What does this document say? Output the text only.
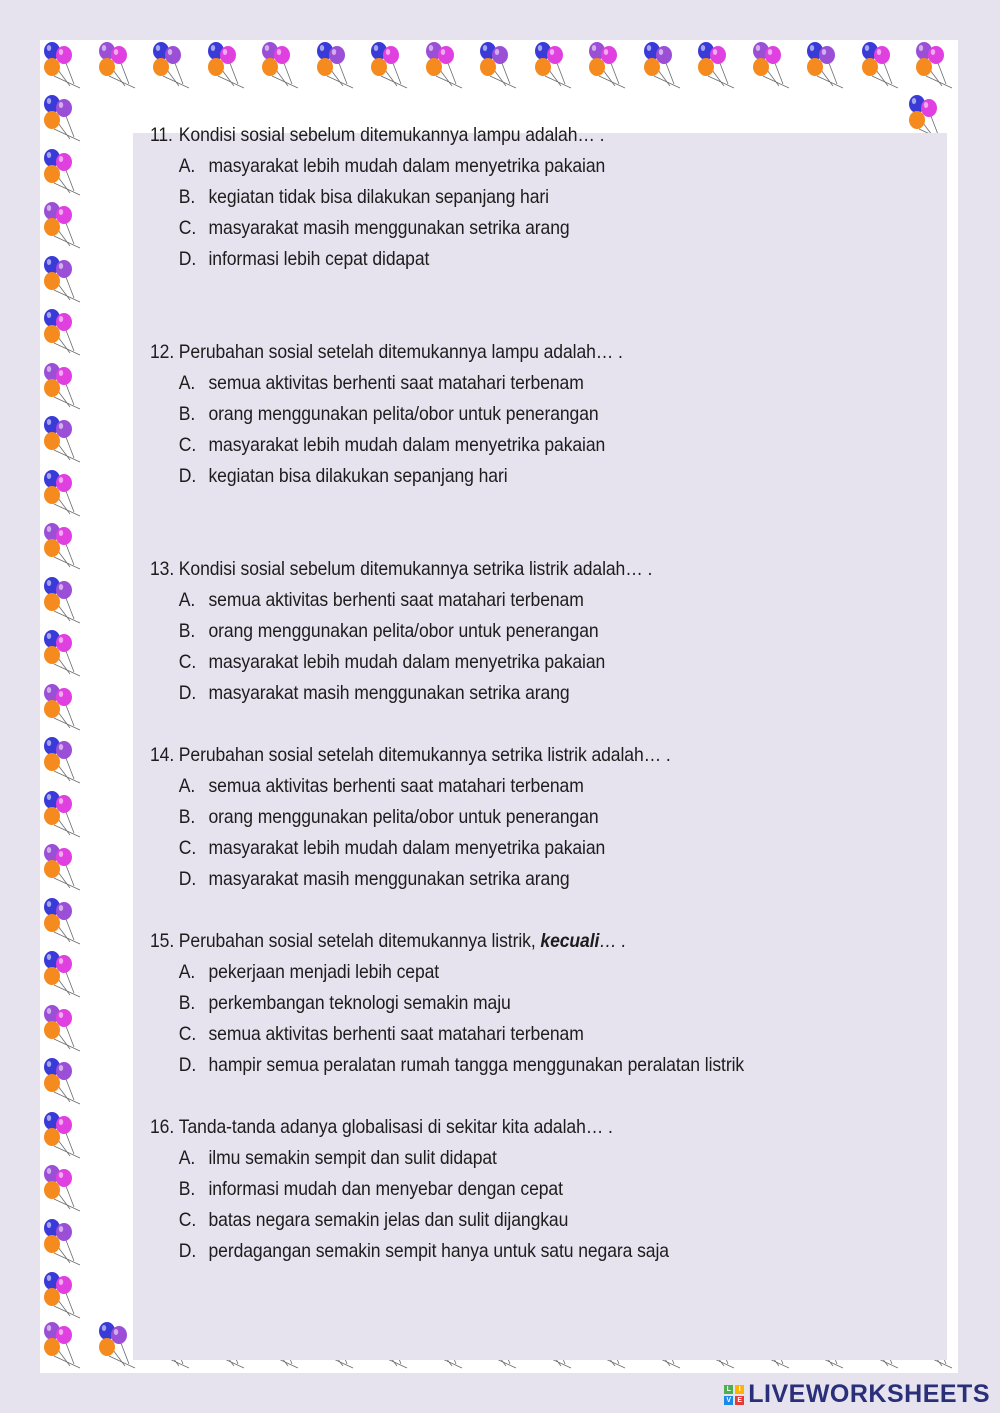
11. Kondisi sosial sebelum ditemukannya lampu adalah… .
A. masyarakat lebih mudah dalam menyetrika pakaian
B. kegiatan tidak bisa dilakukan sepanjang hari
C. masyarakat masih menggunakan setrika arang
D. informasi lebih cepat didapat
12. Perubahan sosial setelah ditemukannya lampu adalah… .
A. semua aktivitas berhenti saat matahari terbenam
B. orang menggunakan pelita/obor untuk penerangan
C. masyarakat lebih mudah dalam menyetrika pakaian
D. kegiatan bisa dilakukan sepanjang hari
13. Kondisi sosial sebelum ditemukannya setrika listrik adalah… .
A. semua aktivitas berhenti saat matahari terbenam
B. orang menggunakan pelita/obor untuk penerangan
C. masyarakat lebih mudah dalam menyetrika pakaian
D. masyarakat masih menggunakan setrika arang
14. Perubahan sosial setelah ditemukannya setrika listrik adalah… .
A. semua aktivitas berhenti saat matahari terbenam
B. orang menggunakan pelita/obor untuk penerangan
C. masyarakat lebih mudah dalam menyetrika pakaian
D. masyarakat masih menggunakan setrika arang
15. Perubahan sosial setelah ditemukannya listrik, kecuali… .
A. pekerjaan menjadi lebih cepat
B. perkembangan teknologi semakin maju
C. semua aktivitas berhenti saat matahari terbenam
D. hampir semua peralatan rumah tangga menggunakan peralatan listrik
16. Tanda-tanda adanya globalisasi di sekitar kita adalah… .
A. ilmu semakin sempit dan sulit didapat
B. informasi mudah dan menyebar dengan cepat
C. batas negara semakin jelas dan sulit dijangkau
D. perdagangan semakin sempit hanya untuk satu negara saja
L	I
V E LIVEWORKSHEETS
